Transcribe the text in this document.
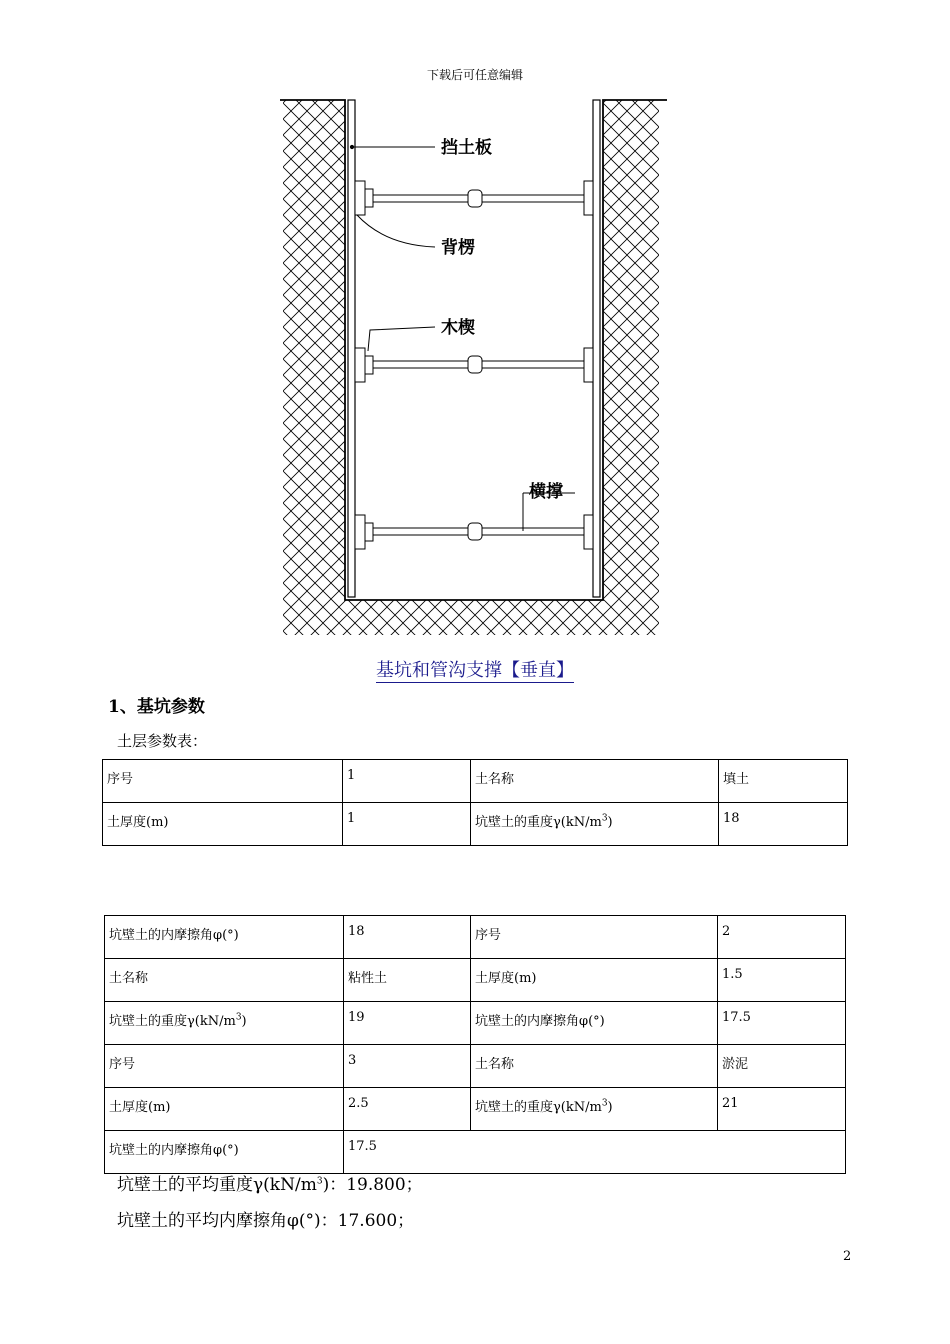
下载后可任意编辑
挡土板
背楞
木楔
横撑
基坑和管沟支撑【垂直】
1、基坑参数
土层参数表：
序号	1	土名称	填土
土厚度(m)	1	坑壁土的重度$\gamma(kN/m^3)$	18
坑壁土的内摩擦角φ(°)	18	序号	2
土名称	粘性土	土厚度(m)	1.5
坑壁土的重度$\gamma(kN/m^3)$	19	坑壁土的内摩擦角φ(°)	17.5
序号	3	土名称	淤泥
土厚度(m)	2.5	坑壁土的重度$\gamma(kN/m^3)$	21
坑壁土的内摩擦角φ(°)	17.5		
坑壁土的平均重度$\gamma(kN/m^3)$：19.800；
坑壁土的平均内摩擦角φ(°)：17.600；
2
